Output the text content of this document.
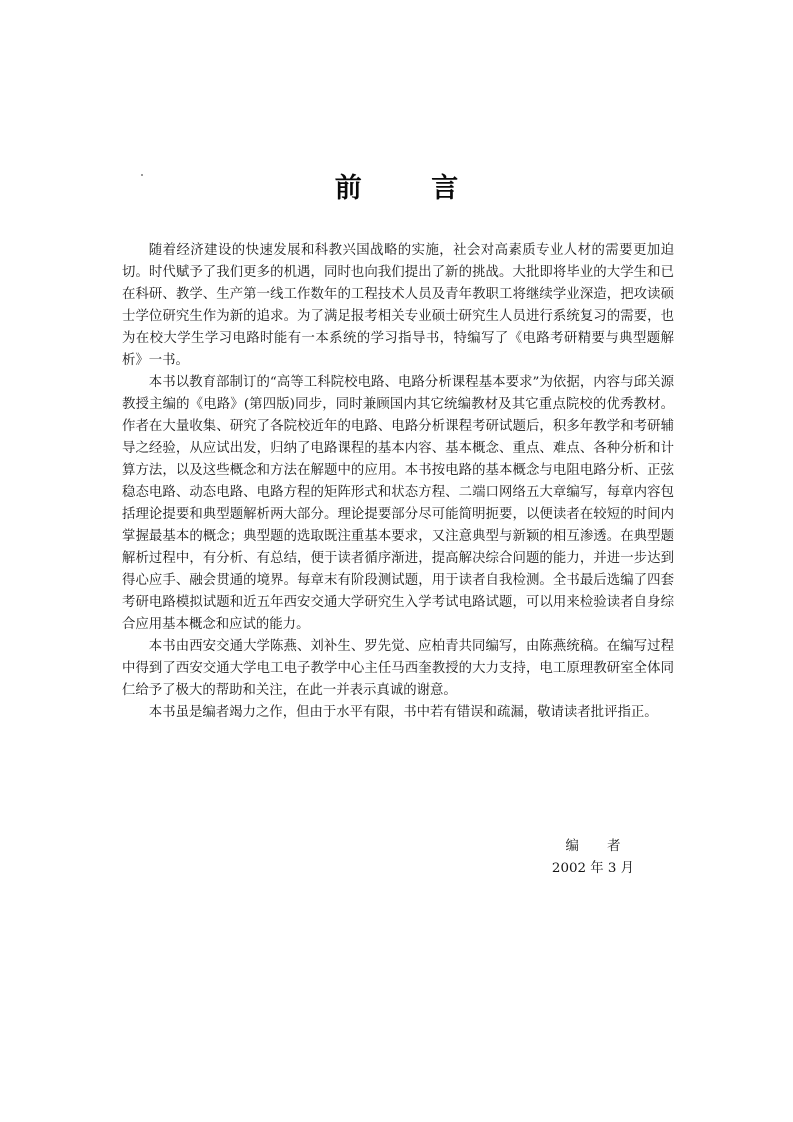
前 言

随着经济建设的快速发展和科教兴国战略的实施，社会对高素质专业人材的需要更加迫切。时代赋予了我们更多的机遇，同时也向我们提出了新的挑战。大批即将毕业的大学生和已在科研、教学、生产第一线工作数年的工程技术人员及青年教职工将继续学业深造，把攻读硕士学位研究生作为新的追求。为了满足报考相关专业硕士研究生人员进行系统复习的需要，也为在校大学生学习电路时能有一本系统的学习指导书，特编写了《电路考研精要与典型题解析》一书。

本书以教育部制订的“高等工科院校电路、电路分析课程基本要求”为依据，内容与邱关源教授主编的《电路》(第四版)同步，同时兼顾国内其它统编教材及其它重点院校的优秀教材。作者在大量收集、研究了各院校近年的电路、电路分析课程考研试题后，积多年教学和考研辅导之经验，从应试出发，归纳了电路课程的基本内容、基本概念、重点、难点、各种分析和计算方法，以及这些概念和方法在解题中的应用。本书按电路的基本概念与电阻电路分析、正弦稳态电路、动态电路、电路方程的矩阵形式和状态方程、二端口网络五大章编写，每章内容包括理论提要和典型题解析两大部分。理论提要部分尽可能简明扼要，以便读者在较短的时间内掌握最基本的概念；典型题的选取既注重基本要求，又注意典型与新颖的相互渗透。在典型题解析过程中，有分析、有总结，便于读者循序渐进，提高解决综合问题的能力，并进一步达到得心应手、融会贯通的境界。每章末有阶段测试题，用于读者自我检测。全书最后选编了四套考研电路模拟试题和近五年西安交通大学研究生入学考试电路试题，可以用来检验读者自身综合应用基本概念和应试的能力。

本书由西安交通大学陈燕、刘补生、罗先觉、应柏青共同编写，由陈燕统稿。在编写过程中得到了西安交通大学电工电子教学中心主任马西奎教授的大力支持，电工原理教研室全体同仁给予了极大的帮助和关注，在此一并表示真诚的谢意。

本书虽是编者竭力之作，但由于水平有限，书中若有错误和疏漏，敬请读者批评指正。

编 者
2002 年 3 月
